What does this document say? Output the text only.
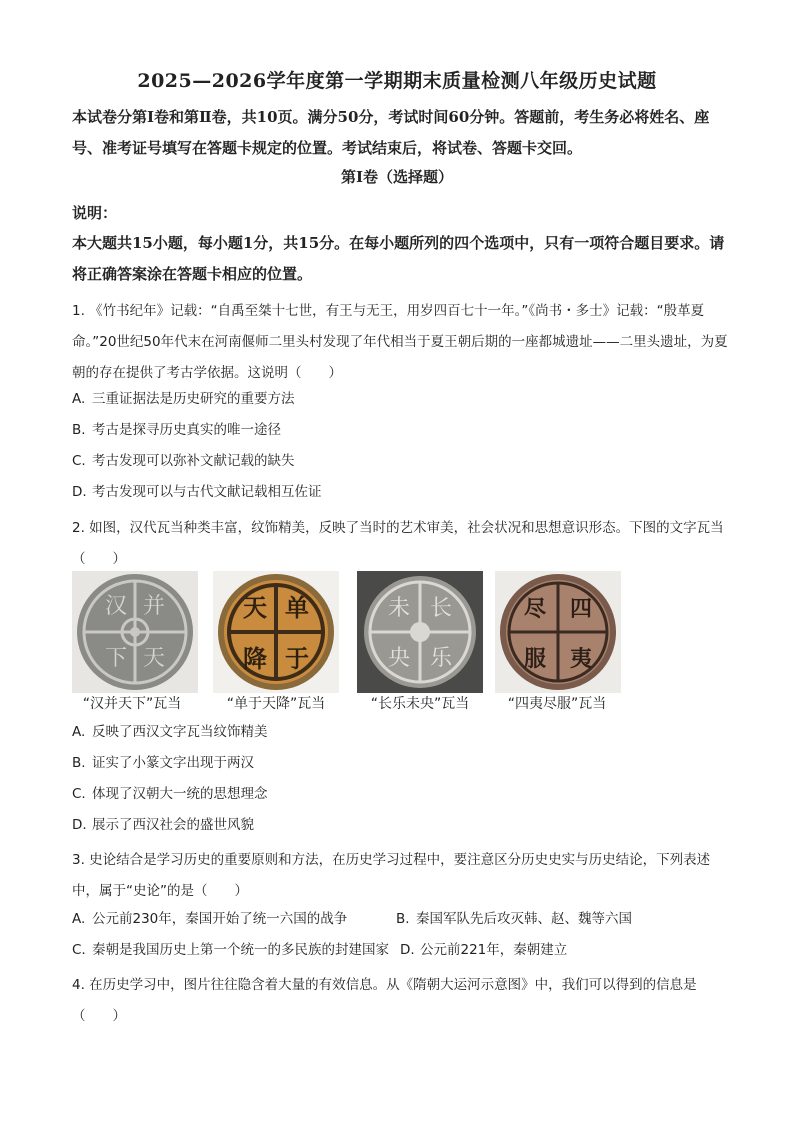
2025—2026学年度第一学期期末质量检测八年级历史试题
本试卷分第Ⅰ卷和第Ⅱ卷，共10页。满分50分，考试时间60分钟。答题前，考生务必将姓名、座号、准考证号填写在答题卡规定的位置。考试结束后，将试卷、答题卡交回。
第Ⅰ卷（选择题）
说明：
本大题共15小题，每小题1分，共15分。在每小题所列的四个选项中，只有一项符合题目要求。请将正确答案涂在答题卡相应的位置。
1. 《竹书纪年》记载：“自禹至桀十七世，有王与无王，用岁四百七十一年。”《尚书・多士》记载：“殷革夏命。”20世纪50年代末在河南偃师二里头村发现了年代相当于夏王朝后期的一座都城遗址——二里头遗址，为夏朝的存在提供了考古学依据。这说明（　　）
A. 三重证据法是历史研究的重要方法
B. 考古是探寻历史真实的唯一途径
C. 考古发现可以弥补文献记载的缺失
D. 考古发现可以与古代文献记载相互佐证
2. 如图，汉代瓦当种类丰富，纹饰精美，反映了当时的艺术审美，社会状况和思想意识形态。下图的文字瓦当（　　）
并
天
下
汉	单
于
降
天	长
乐
央
未	四
夷
服
尽
“汉并天下”瓦当	“单于天降”瓦当	“长乐未央”瓦当	“四夷尽服”瓦当
A. 反映了西汉文字瓦当纹饰精美
B. 证实了小篆文字出现于两汉
C. 体现了汉朝大一统的思想理念
D. 展示了西汉社会的盛世风貌
3. 史论结合是学习历史的重要原则和方法，在历史学习过程中，要注意区分历史史实与历史结论，下列表述中，属于“史论”的是（　　）
A. 公元前230年，秦国开始了统一六国的战争	B. 秦国军队先后攻灭韩、赵、魏等六国
C. 秦朝是我国历史上第一个统一的多民族的封建国家 D. 公元前221年，秦朝建立
4. 在历史学习中，图片往往隐含着大量的有效信息。从《隋朝大运河示意图》中，我们可以得到的信息是（　　）
